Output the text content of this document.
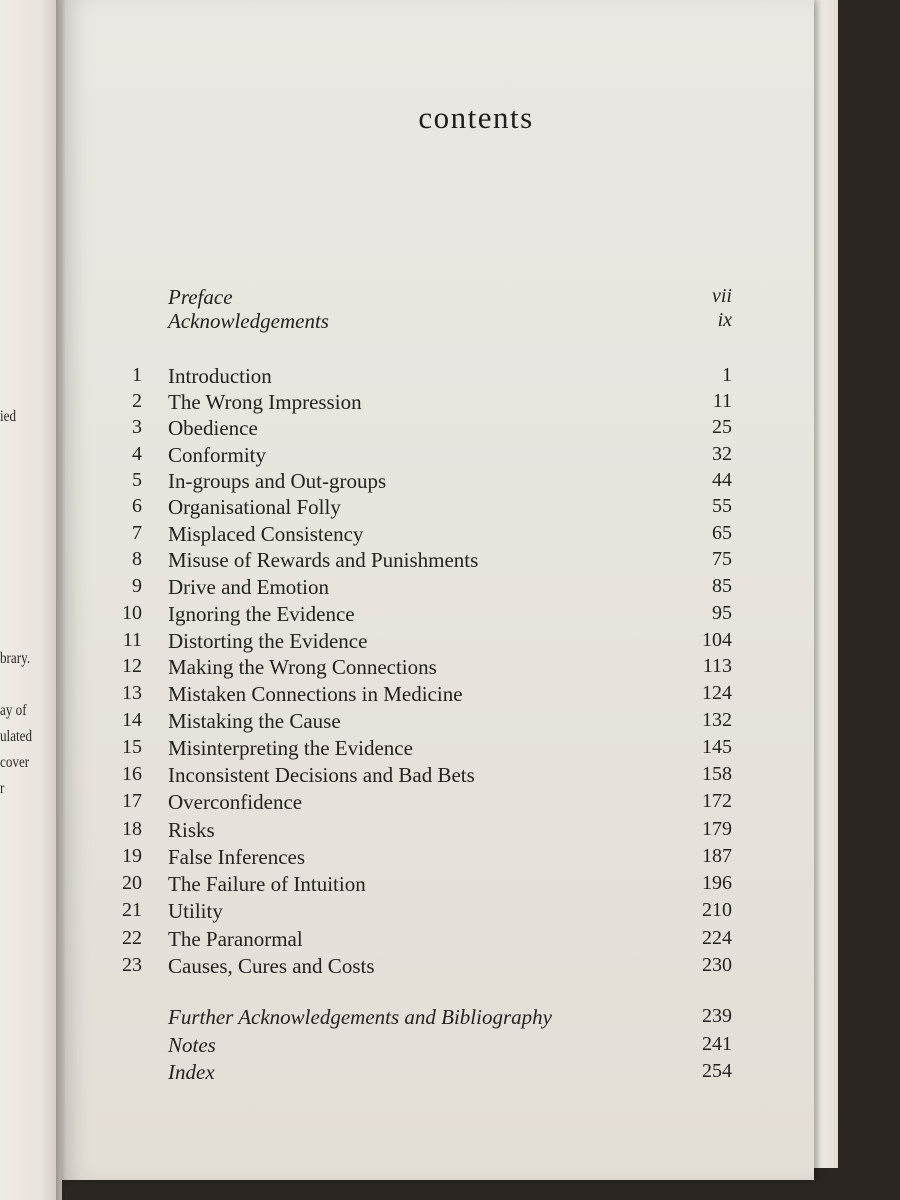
ied
brary.
ay of
ulated
cover
r
contents
Preface	vii
Acknowledgements	ix
1 Introduction	1
2 The Wrong Impression	11
3 Obedience	25
4 Conformity	32
5 In-groups and Out-groups	44
6 Organisational Folly	55
7 Misplaced Consistency	65
8 Misuse of Rewards and Punishments	75
9 Drive and Emotion	85
10 Ignoring the Evidence	95
11 Distorting the Evidence	104
12 Making the Wrong Connections	113
13 Mistaken Connections in Medicine	124
14 Mistaking the Cause	132
15 Misinterpreting the Evidence	145
16 Inconsistent Decisions and Bad Bets	158
17 Overconfidence	172
18 Risks	179
19 False Inferences	187
20 The Failure of Intuition	196
21 Utility	210
22 The Paranormal	224
23 Causes, Cures and Costs	230
Further Acknowledgements and Bibliography	239
Notes	241
Index	254
